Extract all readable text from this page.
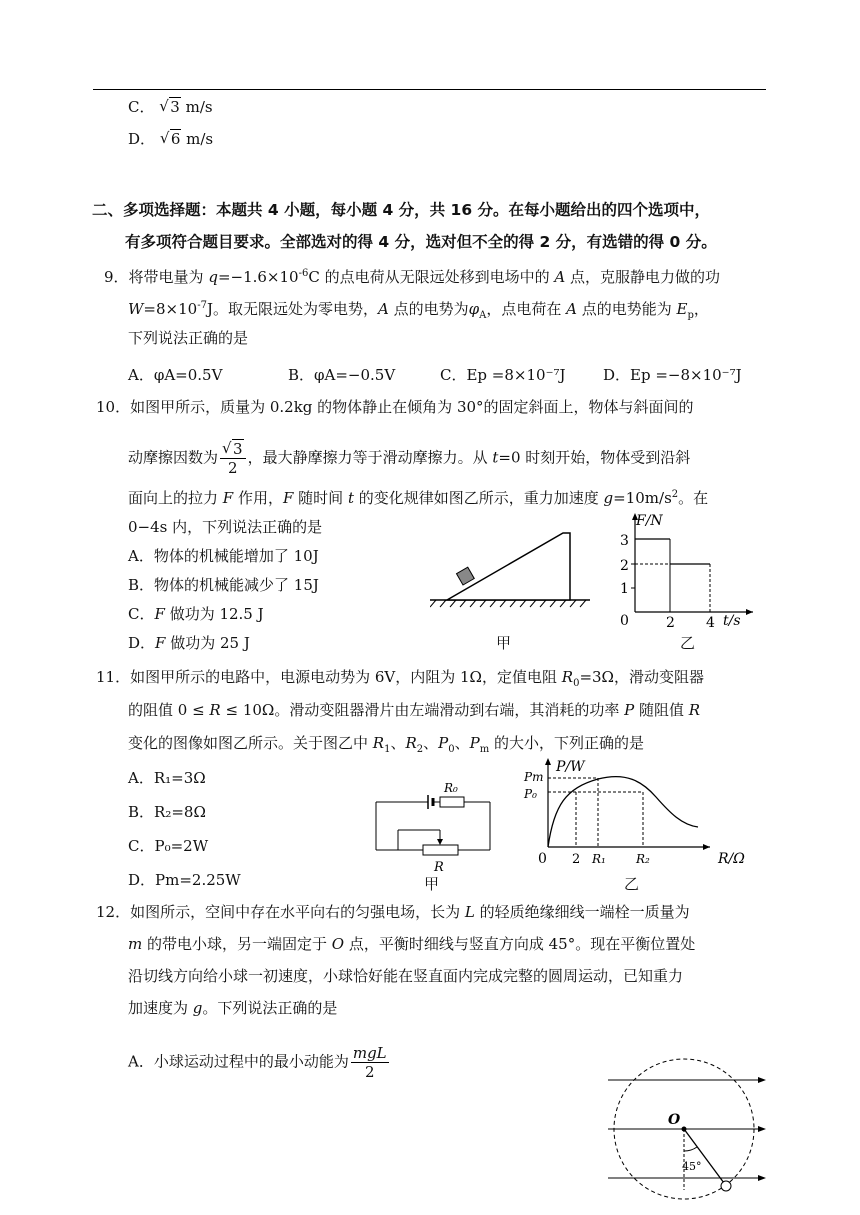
C． √ 3 m/s
D． √ 6 m/s
二、多项选择题：本题共 4 小题，每小题 4 分，共 16 分。在每小题给出的四个选项中，
有多项符合题目要求。全部选对的得 4 分，选对但不全的得 2 分，有选错的得 0 分。
9．将带电量为 $q=-1.6\times 10^{-6}C$ 的点电荷从无限远处移到电场中的 A 点，克服静电力做的功
$W=8\times 10^{-7}J$。取无限远处为零电势，A 点的电势为$\varphi_A$，点电荷在 A 点的电势能为 $E_p$，
下列说法正确的是
A．φA=0.5V	B．φA=−0.5V	C．Ep =8×10⁻⁷J D．Ep =−8×10⁻⁷J
10．如图甲所示，质量为 0.2kg 的物体静止在倾角为 30°的固定斜面上，物体与斜面间的
动摩擦因数为 √ $\frac{3}{2}$ ，最大静摩擦力等于滑动摩擦力。从 t=0 时刻开始，物体受到沿斜
面向上的拉力 F 作用，F 随时间 t 的变化规律如图乙所示，重力加速度 $g=10m/s^2$。在
0−4s 内，下列说法正确的是
A．物体的机械能增加了 10J
B．物体的机械能减少了 15J
C．F 做功为 12.5 J
D．F 做功为 25 J	甲
F/N
t/s
0	2 4
1
2
3
乙
11．如图甲所示的电路中，电源电动势为 6V，内阻为 1Ω，定值电阻 $R_0=3\Omega$，滑动变阻器
的阻值 0 ≤ R ≤ 10Ω。滑动变阻器滑片由左端滑动到右端，其消耗的功率 P 随阻值 R
变化的图像如图乙所示。关于图乙中 $R_1$、$R_2$、$P_0$、$P_m$ 的大小，下列正确的是
A．R₁=3Ω
B．R₂=8Ω
C．P₀=2W
D．Pm=2.25W
R₀
R
甲
P/W
R/Ω
0 2 R₁	R₂
Pm
P₀
乙
12．如图所示，空间中存在水平向右的匀强电场，长为 L 的轻质绝缘细线一端栓一质量为
m 的带电小球，另一端固定于 O 点，平衡时细线与竖直方向成 45°。现在平衡位置处
沿切线方向给小球一初速度，小球恰好能在竖直面内完成完整的圆周运动，已知重力
加速度为 g。下列说法正确的是
A．小球运动过程中的最小动能为 $\frac{\text{mgL}}{2}$
O
45°
